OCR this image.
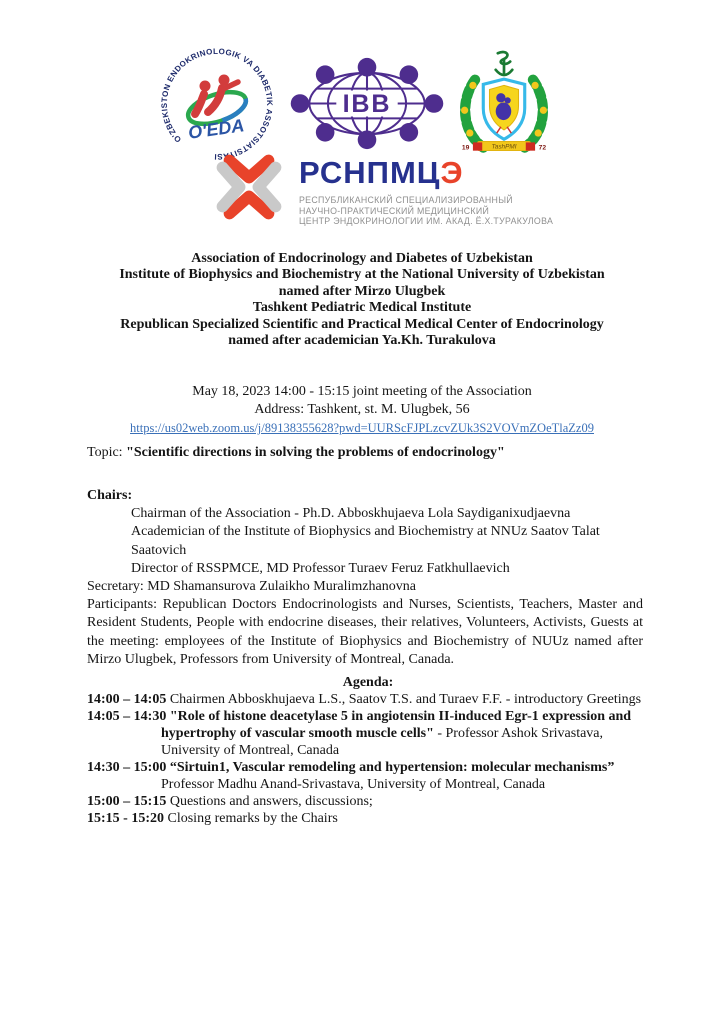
O'ZBEKISTON ENDOKRINOLOGIK VA DIABETIK ASSOTSIATSIYASI
O'EDA
IBB
19	72
TashPMI
РСНПМЦЭ
РЕСПУБЛИКАНСКИЙ СПЕЦИАЛИЗИРОВАННЫЙ
НАУЧНО-ПРАКТИЧЕСКИЙ МЕДИЦИНСКИЙ
ЦЕНТР ЭНДОКРИНОЛОГИИ ИМ. АКАД. Ё.Х.ТУРАКУЛОВА
Association of Endocrinology and Diabetes of Uzbekistan
Institute of Biophysics and Biochemistry at the National University of Uzbekistan
named after Mirzo Ulugbek
Tashkent Pediatric Medical Institute
Republican Specialized Scientific and Practical Medical Center of Endocrinology
named after academician Ya.Kh. Turakulova
May 18, 2023 14:00 - 15:15 joint meeting of the Association
Address: Tashkent, st. M. Ulugbek, 56
https://us02web.zoom.us/j/89138355628?pwd=UURScFJPLzcvZUk3S2VOVmZOeTlaZz09
Topic: "Scientific directions in solving the problems of endocrinology"
Chairs:
Chairman of the Association - Ph.D. Abboskhujaeva Lola Saydiganixudjaevna
Academician of the Institute of Biophysics and Biochemistry at NNUz Saatov Talat Saatovich
Director of RSSPMCE, MD Professor Turaev Feruz Fatkhullaevich
Secretary: MD Shamansurova Zulaikho Muralimzhanovna
Participants: Republican Doctors Endocrinologists and Nurses, Scientists, Teachers, Master and Resident Students, People with endocrine diseases, their relatives, Volunteers, Activists, Guests at the meeting: employees of the Institute of Biophysics and Biochemistry of NUUz named after Mirzo Ulugbek, Professors from University of Montreal, Canada.
Agenda:
14:00 – 14:05 Chairmen Abboskhujaeva L.S., Saatov T.S. and Turaev F.F. - introductory Greetings
14:05 – 14:30 "Role of histone deacetylase 5 in angiotensin II-induced Egr-1 expression and hypertrophy of vascular smooth muscle cells" - Professor Ashok Srivastava, University of Montreal, Canada
14:30 – 15:00 “Sirtuin1, Vascular remodeling and hypertension: molecular mechanisms” Professor Madhu Anand-Srivastava, University of Montreal, Canada
15:00 – 15:15 Questions and answers, discussions;
15:15 - 15:20 Closing remarks by the Chairs
